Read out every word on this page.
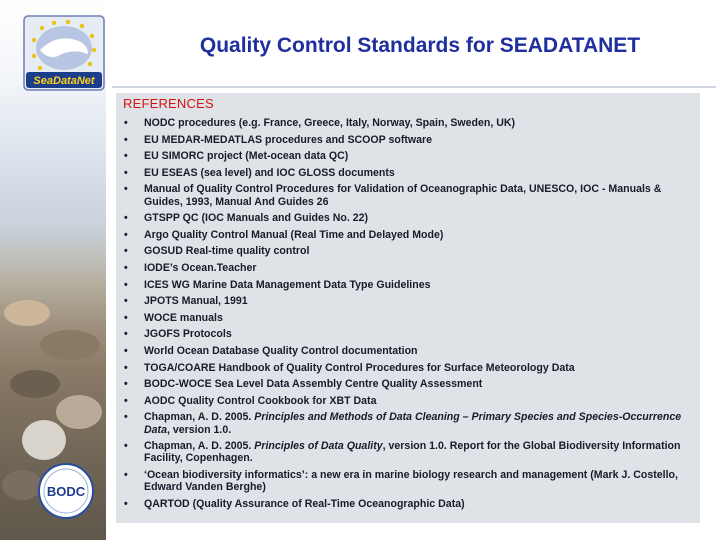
SeaDataNet
BODC
Quality Control Standards for SEADATANET
REFERENCES
• NODC procedures (e.g. France, Greece, Italy, Norway, Spain, Sweden, UK)
• EU MEDAR-MEDATLAS procedures and SCOOP software
• EU SIMORC project (Met-ocean data QC)
• EU ESEAS (sea level) and IOC GLOSS documents
• Manual of Quality Control Procedures for Validation of Oceanographic Data, UNESCO, IOC - Manuals & Guides, 1993, Manual And Guides 26
• GTSPP QC (IOC Manuals and Guides No. 22)
• Argo Quality Control Manual (Real Time and Delayed Mode)
• GOSUD Real-time quality control
• IODE’s Ocean.Teacher
• ICES WG Marine Data Management Data Type Guidelines
• JPOTS Manual, 1991
• WOCE manuals
• JGOFS Protocols
• World Ocean Database Quality Control documentation
• TOGA/COARE Handbook of Quality Control Procedures for Surface Meteorology Data
• BODC-WOCE Sea Level Data Assembly Centre Quality Assessment
• AODC Quality Control Cookbook for XBT Data
• Chapman, A. D. 2005. Principles and Methods of Data Cleaning – Primary Species and Species-Occurrence Data, version 1.0.
• Chapman, A. D. 2005. Principles of Data Quality, version 1.0. Report for the Global Biodiversity Information Facility, Copenhagen.
• ‘Ocean biodiversity informatics’: a new era in marine biology research and management (Mark J. Costello, Edward Vanden Berghe)
• QARTOD (Quality Assurance of Real-Time Oceanographic Data)
